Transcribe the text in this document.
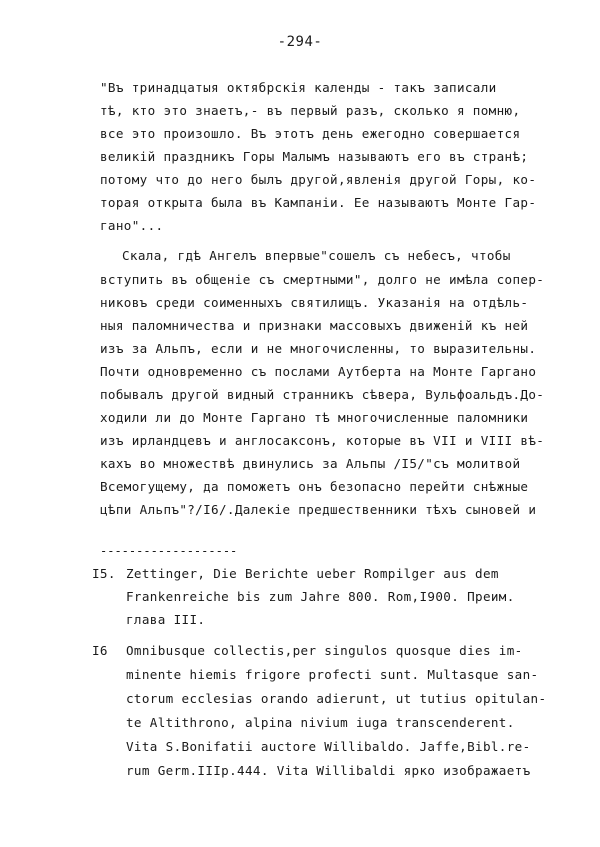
-294-
"Въ тринадцатыя октябрскія календы - такъ записали
тѣ, кто это знаетъ,- въ первый разъ, сколько я помню,
все это произошло. Въ этотъ день ежегодно совершается
великій праздникъ Горы Малымъ называютъ его въ странѣ;
потому что до него былъ другой,явленія другой Горы, ко-
торая открыта была въ Кампаніи. Ее называютъ Монте Гар-
гано"...
Скала, гдѣ Ангелъ впервые"сошелъ съ небесъ, чтобы
вступить въ общеніе съ смертными", долго не имѣла сопер-
никовъ среди соименныхъ святилищъ. Указанія на отдѣль-
ныя паломничества и признаки массовыхъ движеній къ ней
изъ за Альпъ, если и не многочисленны, то выразительны.
Почти одновременно съ послами Аутберта на Монте Гаргано
побывалъ другой видный странникъ сѣвера, Вульфоальдъ.До-
ходили ли до Монте Гаргано тѣ многочисленные паломники
изъ ирландцевъ и англосаксонъ, которые въ VII и VIII вѣ-
кахъ во множествѣ двинулись за Альпы /I5/"съ молитвой
Всемогущему, да поможетъ онъ безопасно перейти снѣжные
цѣпи Альпъ"?/I6/.Далекіе предшественники тѣхъ сыновей и
-------------------
I5. Zettinger, Die Berichte ueber Rompilger aus dem
Frankenreiche bis zum Jahre 800. Rom,I900. Преим.
глава III.
I6 Omnibusque collectis,per singulos quosque dies im-
minente hiemis frigore profecti sunt. Multasque san-
ctorum ecclesias orando adierunt, ut tutius opitulan-
te Altithrono, alpina nivium iuga transcenderent.
Vita S.Bonifatii auctore Willibaldo. Jaffe,Bibl.re-
rum Germ.IIIp.444. Vita Willibaldi ярко изображаетъ
